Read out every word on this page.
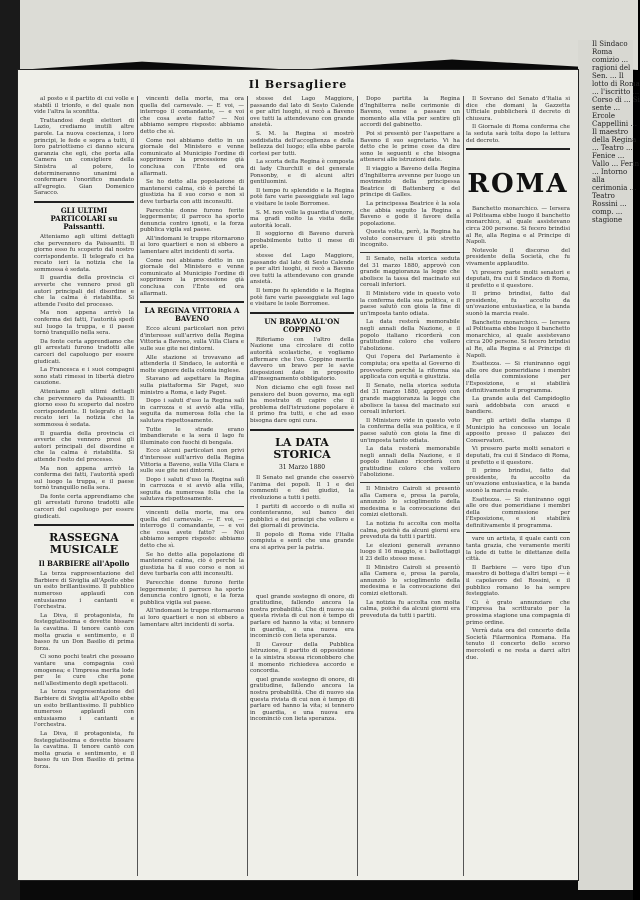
Il Sindaco Roma comizio ... ragioni del Sen. ... Il lotto di Roma ... l'iscritto ... Corso di ... Si sente ... Ercole Cappellini ... Il maestro della Regina ... Teatro ... Fenice ... Vallo ... Ferin ... Intorno alla cerimonia ... Teatro Rossini ... comp. ... stagione
Il Bersagliere

al posto e il partito di cui volle e stabilì il trionfo, e del quale non vide l'altra la sconfitta.

Trattandosi degli elettori di Lazio, crediamo inutili altre parole. La nuova coscienza, i loro principi, le fede e sopra a tutti, il loro patriottismo ci danno sicura garanzia che egli, che porta alla Camera un consigliere della Sinistra al potere, lo determineranno unanimi a confermare l'onorifico mandato all'egregio. Gian Domenico Saracco.

GLI ULTIMI PARTICOLARI su Paissantti.

Atteniamo agli ultimi dettagli che pervennero da Paissantti. Il giorno esso fu scoperto dal nostro corrispondente. Il telegrafo ci ha recato ieri la notizia che la sommossa è sedata.

Il guardia della provincia ci avverte che vennero presi gli autori principali del disordine e che la calma è ristabilita. Si attende l'esito del processo.

Ma non appena arrivò la conferma dei fatti, l'autorità spedì sul luogo la truppa, e il paese tornò tranquillo nella sera.

Da fonte certa apprendiamo che gli arrestati furono tradotti alle carceri del capoluogo per essere giudicati.

La Francesca e i suoi compagni sono stati rimessi in libertà dietro cauzione.

Atteniamo agli ultimi dettagli che pervennero da Paissantti. Il giorno esso fu scoperto dal nostro corrispondente. Il telegrafo ci ha recato ieri la notizia che la sommossa è sedata.

Il guardia della provincia ci avverte che vennero presi gli autori principali del disordine e che la calma è ristabilita. Si attende l'esito del processo.

Ma non appena arrivò la conferma dei fatti, l'autorità spedì sul luogo la truppa, e il paese tornò tranquillo nella sera.

Da fonte certa apprendiamo che gli arrestati furono tradotti alle carceri del capoluogo per essere giudicati.

RASSEGNA MUSICALE
Il BARBIERE all'Apollo

La terza rappresentazione del Barbiere di Siviglia all'Apollo ebbe un esito brillantissimo. Il pubblico numeroso applaudì con entusiasmo i cantanti e l'orchestra.

La Diva, il protagonista, fu festeggiatissima e dovette bissare la cavatina. Il tenore cantò con molta grazia e sentimento, e il basso fu un Don Basilio di prima forza.

Ci sono pochi teatri che possano vantare una compagnia così omogenea; e l'impresa merita lode per le cure che pone nell'allestimento degli spettacoli.

La terza rappresentazione del Barbiere di Siviglia all'Apollo ebbe un esito brillantissimo. Il pubblico numeroso applaudì con entusiasmo i cantanti e l'orchestra.

La Diva, il protagonista, fu festeggiatissima e dovette bissare la cavatina. Il tenore cantò con molta grazia e sentimento, e il basso fu un Don Basilio di prima forza.

vincenti della morte, ma ora quella del carnevale. — E voi, — interrogo il comandante, — e voi che cosa avete fatto? — Noi abbiamo sempre risposto: abbiamo detto che sì.

Come noi abbiamo detto in un giornale del Ministero e venne comunicato al Municipio l'ordine di sopprimere la processione già conclusa con l'Ente ed ora allarmati.

Se ho detto alla popolazione di mantenersi calma, ciò è perché la giustizia ha il suo corso e non si deve turbarla con atti inconsulti.

Parecchie donne furono ferite leggermente; il parroco ha sporto denuncia contro ignoti, e la forza pubblica vigila sul paese.

All'indomani le truppe ritornarono ai loro quartieri e non si ebbero a lamentare altri incidenti di sorta.

Come noi abbiamo detto in un giornale del Ministero e venne comunicato al Municipio l'ordine di sopprimere la processione già conclusa con l'Ente ed ora allarmati.

LA REGINA VITTORIA A BAVENO

Ecco alcuni particolari non privi d'interesse sull'arrivo della Regina Vittoria a Baveno, sulla Villa Clara e sulle sue gite nei dintorni.

Alle stazione si trovavano ad attenderla il Sindaco, le autorità e molte signore della colonia inglese.

Stavano ad aspettare la Regina sulla piattaforma Sir Paget, suo ministro a Roma, e lady Paget.

Dopo i saluti d'uso la Regina salì in carrozza e si avviò alla villa, seguita da numerosa folla che la salutava rispettosamente.

Tutte le strade erano imbandierate e la sera il lago fu illuminato con fuochi di bengala.

Ecco alcuni particolari non privi d'interesse sull'arrivo della Regina Vittoria a Baveno, sulla Villa Clara e sulle sue gite nei dintorni.

Dopo i saluti d'uso la Regina salì in carrozza e si avviò alla villa, seguita da numerosa folla che la salutava rispettosamente.

vincenti della morte, ma ora quella del carnevale. — E voi, — interrogo il comandante, — e voi che cosa avete fatto? — Noi abbiamo sempre risposto: abbiamo detto che sì.

Se ho detto alla popolazione di mantenersi calma, ciò è perché la giustizia ha il suo corso e non si deve turbarla con atti inconsulti.

Parecchie donne furono ferite leggermente; il parroco ha sporto denuncia contro ignoti, e la forza pubblica vigila sul paese.

All'indomani le truppe ritornarono ai loro quartieri e non si ebbero a lamentare altri incidenti di sorta.

stesse del Lago Maggiore, passando dal lato di Sesto Calende e per altri luoghi, si recò a Baveno ove tutti la attendevano con grande ansietà.

S. M. la Regina si mostrò soddisfatta dell'accoglienza e della bellezza del luogo; ella ebbe parole cortesi per tutti.

La scorta della Regina è composta di lady Churchill e del generale Ponsonby, e di alcuni altri gentiluomini.

Il tempo fu splendido e la Regina potè fare varie passeggiate sul lago e visitare le isole Borromee.

S. M. non volle la guardia d'onore, ma gradì molto la visita delle autorità locali.

Il soggiorno di Baveno durerà probabilmente tutto il mese di aprile.

stesse del Lago Maggiore, passando dal lato di Sesto Calende e per altri luoghi, si recò a Baveno ove tutti la attendevano con grande ansietà.

Il tempo fu splendido e la Regina potè fare varie passeggiate sul lago e visitare le isole Borromee.

UN BRAVO ALL'ON COPPINO

Riferiamo con l'altro della Nazione una circolare di cotto autorità scolastiche, e vogliamo affermare che l'on. Coppino merita davvero un bravo per le savie disposizioni date in proposito all'insegnamento obbligatorio.

Non diciamo che egli fosse nel pensiero del buon governo, ma egli ha mostrato di capire che il problema dell'istruzione popolare è il primo fra tutti, e che ad esso bisogna dare ogni cura.

LA DATA STORICA
31 Marzo 1880

Il Senato nel grande che osservò l'anima dei popoli. Il 1 e dei commenti e dei giudizi, la rivoluzione a tutti i petti.

I partiti di accordo o di nulla si contenteranno, sul banco dei pubblici e dei principi che vollero e dei giornali di provincia.

Il popolo di Roma vide l'Italia compiuta e sentì che una grande era si apriva per la patria.

quel grande sostegno di onore, di gratitudine, fallendo ancora la nostra probabilità. Che di nuovo sia questa rivista di cui non è tempo di parlare ed hanno la vita; si tennero in guardia, e una nuova era incominciò con lieta speranza.

Il Cavour della Pubblica Istruzione, il partito di opposizione e la sinistra stessa riconobbero che il momento richiedeva accordo e concordia.

quel grande sostegno di onore, di gratitudine, fallendo ancora la nostra probabilità. Che di nuovo sia questa rivista di cui non è tempo di parlare ed hanno la vita; si tennero in guardia, e una nuova era incominciò con lieta speranza.

Dopo partita la Regina d'Inghilterra nelle cerimonie di Baveno, venne a passare un momento alla villa per sentire gli accordi del gabinetto.

Poi si presentò per l'aspettare a Baveno il suo segretario. Vi ha detto che le prime cose da dire sono le seguenti e che bisogna attenersi alle istruzioni date.

Il viaggio a Baveno della Regina d'Inghilterra avvenne per luogo un movimento della principessa Beatrice di Battenberg e del principe di Galles.

La principessa Beatrice è la sola che abbia seguito la Regina a Baveno e gode il favore della popolazione.

Questa volta, però, la Regina ha voluto conservare il più stretto incognito.

Il Senato, nella storica seduta del 31 marzo 1880, approvò con grande maggioranza la legge che abolisce la tassa del macinato sui cereali inferiori.

Il Ministero vide in questo voto la conferma della sua politica, e il paese salutò con gioia la fine di un'imposta tanto odiata.

La data resterà memorabile negli annali della Nazione, e il popolo italiano ricorderà con gratitudine coloro che vollero l'abolizione.

Qui l'opera del Parlamento è compiuta; ora spetta al Governo di provvedere perché la riforma sia applicata con equità e giustizia.

Il Senato, nella storica seduta del 31 marzo 1880, approvò con grande maggioranza la legge che abolisce la tassa del macinato sui cereali inferiori.

Il Ministero vide in questo voto la conferma della sua politica, e il paese salutò con gioia la fine di un'imposta tanto odiata.

La data resterà memorabile negli annali della Nazione, e il popolo italiano ricorderà con gratitudine coloro che vollero l'abolizione.

Il Ministro Cairoli si presentò alla Camera e, presa la parola, annunziò lo scioglimento della medesima e la convocazione dei comizi elettorali.

La notizia fu accolta con molta calma, poichè da alcuni giorni era preveduta da tutti i partiti.

Le elezioni generali avranno luogo il 16 maggio, e i ballottaggi il 23 dello stesso mese.

Il Ministro Cairoli si presentò alla Camera e, presa la parola, annunziò lo scioglimento della medesima e la convocazione dei comizi elettorali.

La notizia fu accolta con molta calma, poichè da alcuni giorni era preveduta da tutti i partiti.

Il Sovrano del Senato d'Italia si dice che domani la Gazzetta Ufficiale pubblicherà il decreto di chiusura.

Il Giornale di Roma conferma che la seduta sarà tolta dopo la lettura del decreto.

ROMA

Banchetto monarchico. — Iersera al Politeama ebbe luogo il banchetto monarchico, al quale assistevano circa 200 persone. Si fecero brindisi al Re, alla Regina e al Principe di Napoli.

Notevole il discorso del presidente della Società, che fu vivamente applaudito.

Vi presero parte molti senatori e deputati, fra cui il Sindaco di Roma, il prefetto e il questore.

Il primo brindisi, fatto dal presidente, fu accolto da un'ovazione entusiastica, e la banda suonò la marcia reale.

Banchetto monarchico. — Iersera al Politeama ebbe luogo il banchetto monarchico, al quale assistevano circa 200 persone. Si fecero brindisi al Re, alla Regina e al Principe di Napoli.

Esattezza. — Si riuniranno oggi alle ore due pomeridiane i membri della commissione per l'Esposizione, e si stabilirà definitivamente il programma.

La grande aula del Campidoglio sarà addobbata con arazzi e bandiere.

Per gli artisti della stampa il Municipio ha concesso un locale apposito presso il palazzo dei Conservatori.

Vi presero parte molti senatori e deputati, fra cui il Sindaco di Roma, il prefetto e il questore.

Il primo brindisi, fatto dal presidente, fu accolto da un'ovazione entusiastica, e la banda suonò la marcia reale.

Esattezza. — Si riuniranno oggi alle ore due pomeridiane i membri della commissione per l'Esposizione, e si stabilirà definitivamente il programma.

vare un artista, il quale canti con tanta grazia, che veramente meriti la lode di tutte le dilettanze della città.

Il Barbiere — vero tipo d'un maestro di bottega d'altri tempi — è il capolavoro del Rossini, e il pubblico romano lo ha sempre festeggiato.

Ci è grato annunziare che l'impresa ha scritturato per la prossima stagione una compagnia di primo ordine.

Verrà data ora del concerto della Società Filarmonica Romana. Ha tenuto il concerto dello scorso mercoledì e ne resta a darci altri due.
